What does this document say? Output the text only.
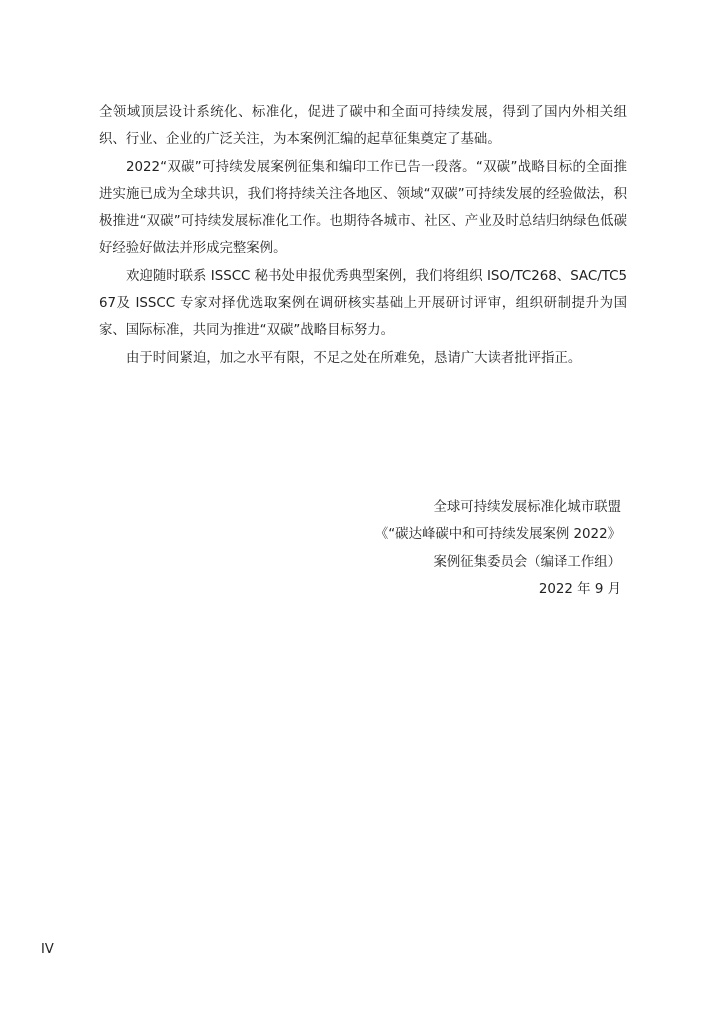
全领域顶层设计系统化、标准化，促进了碳中和全面可持续发展，得到了国内外相关组织、行业、企业的广泛关注，为本案例汇编的起草征集奠定了基础。

2022“双碳”可持续发展案例征集和编印工作已告一段落。“双碳”战略目标的全面推进实施已成为全球共识，我们将持续关注各地区、领域“双碳”可持续发展的经验做法，积极推进“双碳”可持续发展标准化工作。也期待各城市、社区、产业及时总结归纳绿色低碳好经验好做法并形成完整案例。

欢迎随时联系 ISSCC 秘书处申报优秀典型案例，我们将组织 ISO/TC268、SAC/TC567及 ISSCC 专家对择优选取案例在调研核实基础上开展研讨评审，组织研制提升为国家、国际标准，共同为推进“双碳”战略目标努力。

由于时间紧迫，加之水平有限，不足之处在所难免，恳请广大读者批评指正。

全球可持续发展标准化城市联盟
《“碳达峰碳中和可持续发展案例 2022》
案例征集委员会（编译工作组）
2022 年 9 月
IV
